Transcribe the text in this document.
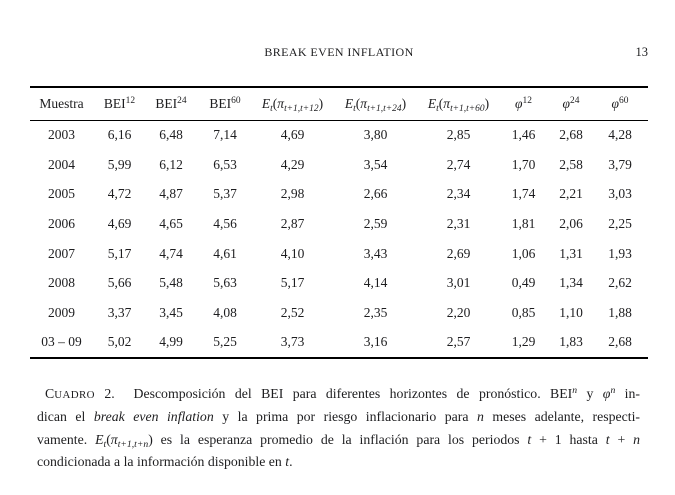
BREAK EVEN INFLATION	13
Muestra	BEI$^{12}$	BEI$^{24}$	BEI$^{60}$	$E_t(\pi_{t+1,t+12})$	$E_t(\pi_{t+1,t+24})$	$E_t(\pi_{t+1,t+60})$	$\varphi^{12}$	$\varphi^{24}$	$\varphi^{60}$
2003	6,16	6,48	7,14	4,69	3,80	2,85	1,46	2,68	4,28
2004	5,99	6,12	6,53	4,29	3,54	2,74	1,70	2,58	3,79
2005	4,72	4,87	5,37	2,98	2,66	2,34	1,74	2,21	3,03
2006	4,69	4,65	4,56	2,87	2,59	2,31	1,81	2,06	2,25
2007	5,17	4,74	4,61	4,10	3,43	2,69	1,06	1,31	1,93
2008	5,66	5,48	5,63	5,17	4,14	3,01	0,49	1,34	2,62
2009	3,37	3,45	4,08	2,52	2,35	2,20	0,85	1,10	1,88
03 – 09	5,02	4,99	5,25	3,73	3,16	2,57	1,29	1,83	2,68
CUADRO 2.  Descomposición del BEI para diferentes horizontes de pronóstico. BEI$^n$ y $\varphi^n$ in-
dican el break even inflation y la prima por riesgo inflacionario para n meses adelante, respecti-
vamente. $E_t(\pi_{t+1,t+n})$ es la esperanza promedio de la inflación para los periodos t + 1 hasta t + n
condicionada a la información disponible en t.
